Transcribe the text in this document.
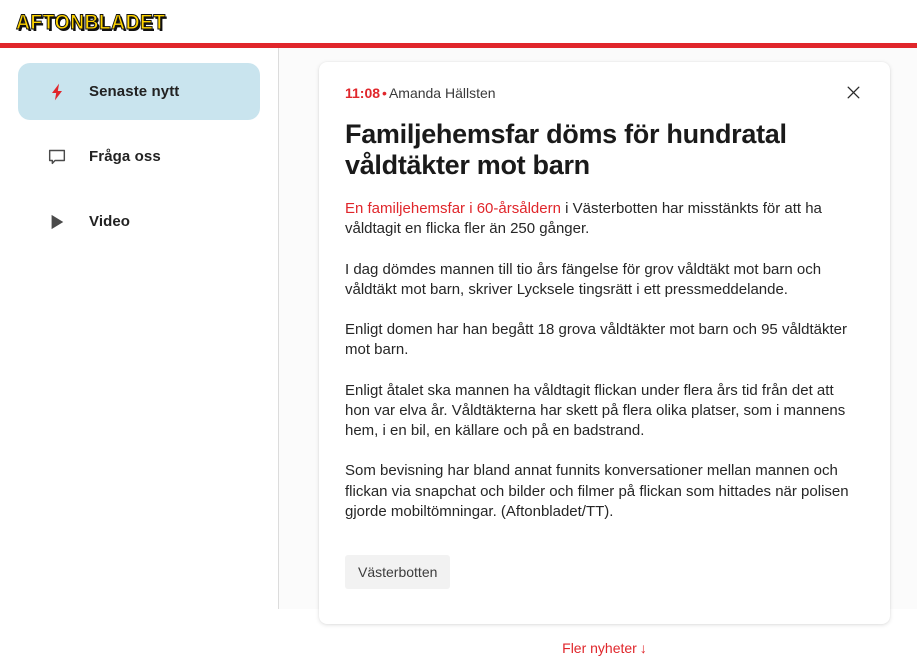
AFTONBLADET
Senaste nytt
Fråga oss
Video
11:08 • Amanda Hällsten
Familjehemsfar döms för hundratal våldtäkter mot barn

En familjehemsfar i 60-årsåldern i Västerbotten har misstänkts för att ha våldtagit en flicka fler än 250 gånger.

I dag dömdes mannen till tio års fängelse för grov våldtäkt mot barn och våldtäkt mot barn, skriver Lycksele tingsrätt i ett pressmeddelande.

Enligt domen har han begått 18 grova våldtäkter mot barn och 95 våldtäkter mot barn.

Enligt åtalet ska mannen ha våldtagit flickan under flera års tid från det att hon var elva år. Våldtäkterna har skett på flera olika platser, som i mannens hem, i en bil, en källare och på en badstrand.

Som bevisning har bland annat funnits konversationer mellan mannen och flickan via snapchat och bilder och filmer på flickan som hittades när polisen gjorde mobiltömningar. (Aftonbladet/TT).

Västerbotten
Fler nyheter ↓
